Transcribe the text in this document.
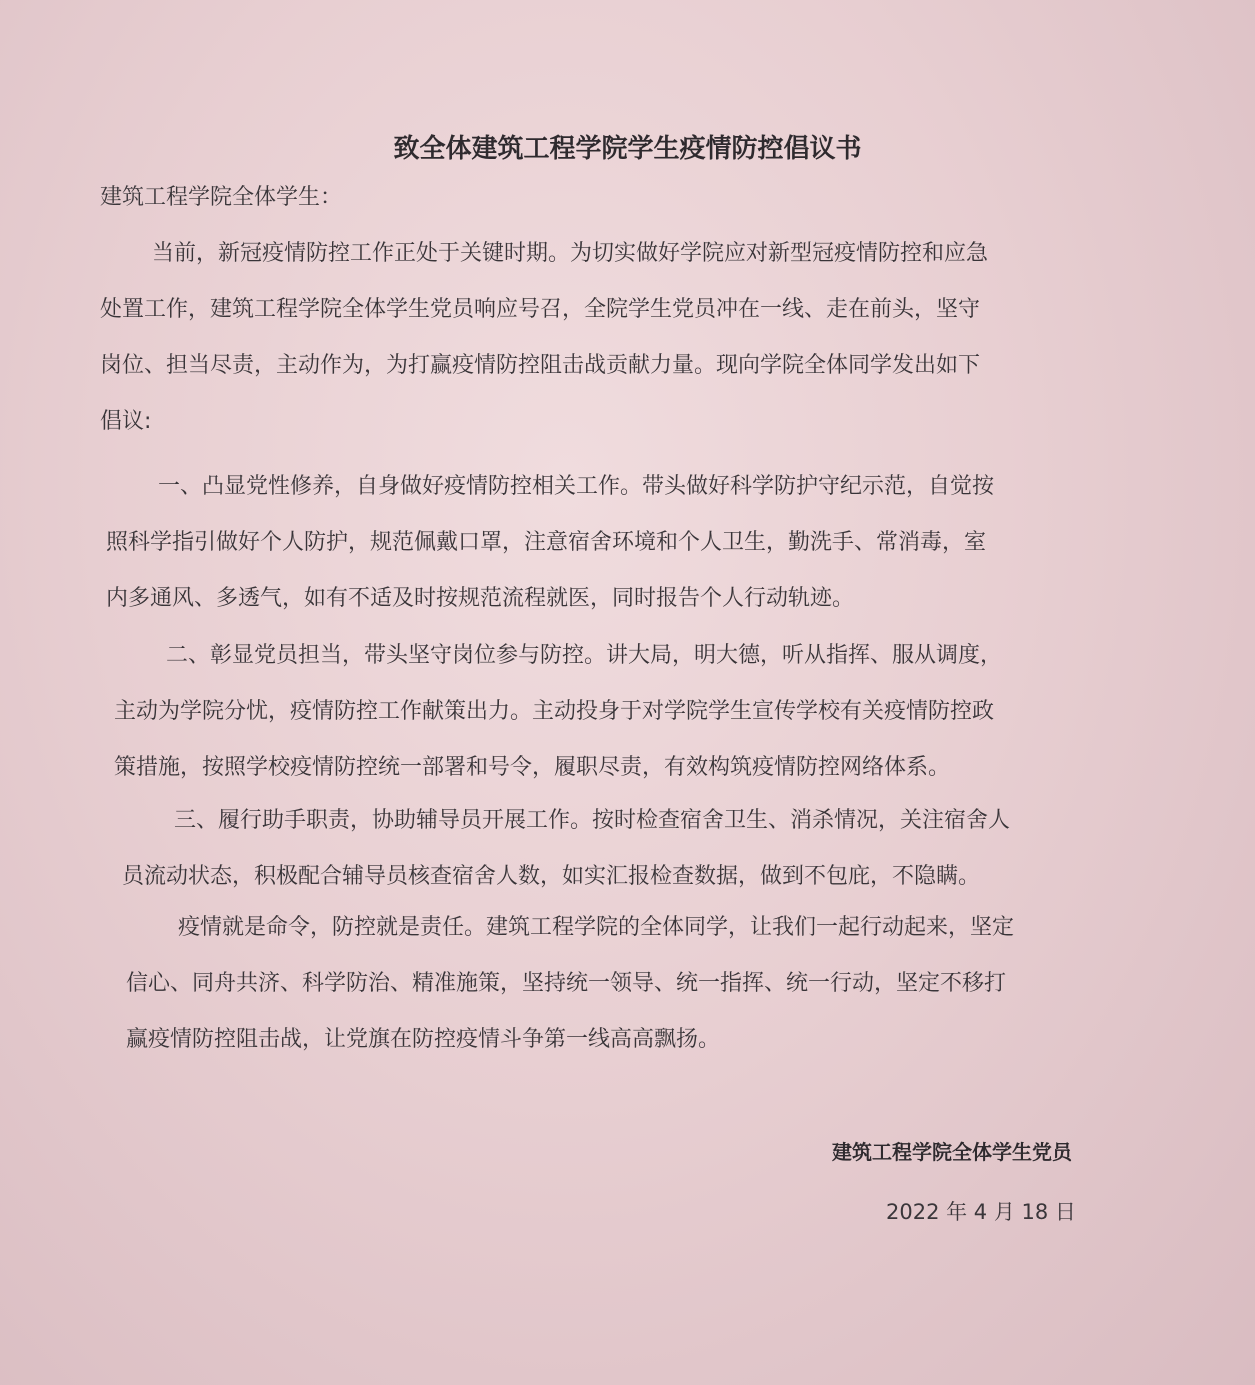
致全体建筑工程学院学生疫情防控倡议书
建筑工程学院全体学生：
当前，新冠疫情防控工作正处于关键时期。为切实做好学院应对新型冠疫情防控和应急
处置工作，建筑工程学院全体学生党员响应号召，全院学生党员冲在一线、走在前头，坚守
岗位、担当尽责，主动作为，为打赢疫情防控阻击战贡献力量。现向学院全体同学发出如下
倡议:
一、凸显党性修养，自身做好疫情防控相关工作。带头做好科学防护守纪示范，自觉按
照科学指引做好个人防护，规范佩戴口罩，注意宿舍环境和个人卫生，勤洗手、常消毒，室
内多通风、多透气，如有不适及时按规范流程就医，同时报告个人行动轨迹。
二、彰显党员担当，带头坚守岗位参与防控。讲大局，明大德，听从指挥、服从调度，
主动为学院分忧，疫情防控工作献策出力。主动投身于对学院学生宣传学校有关疫情防控政
策措施，按照学校疫情防控统一部署和号令，履职尽责，有效构筑疫情防控网络体系。
三、履行助手职责，协助辅导员开展工作。按时检查宿舍卫生、消杀情况，关注宿舍人
员流动状态，积极配合辅导员核查宿舍人数，如实汇报检查数据，做到不包庇，不隐瞒。
疫情就是命令，防控就是责任。建筑工程学院的全体同学，让我们一起行动起来，坚定
信心、同舟共济、科学防治、精准施策，坚持统一领导、统一指挥、统一行动，坚定不移打
赢疫情防控阻击战，让党旗在防控疫情斗争第一线高高飘扬。
建筑工程学院全体学生党员
2022 年 4 月 18 日
